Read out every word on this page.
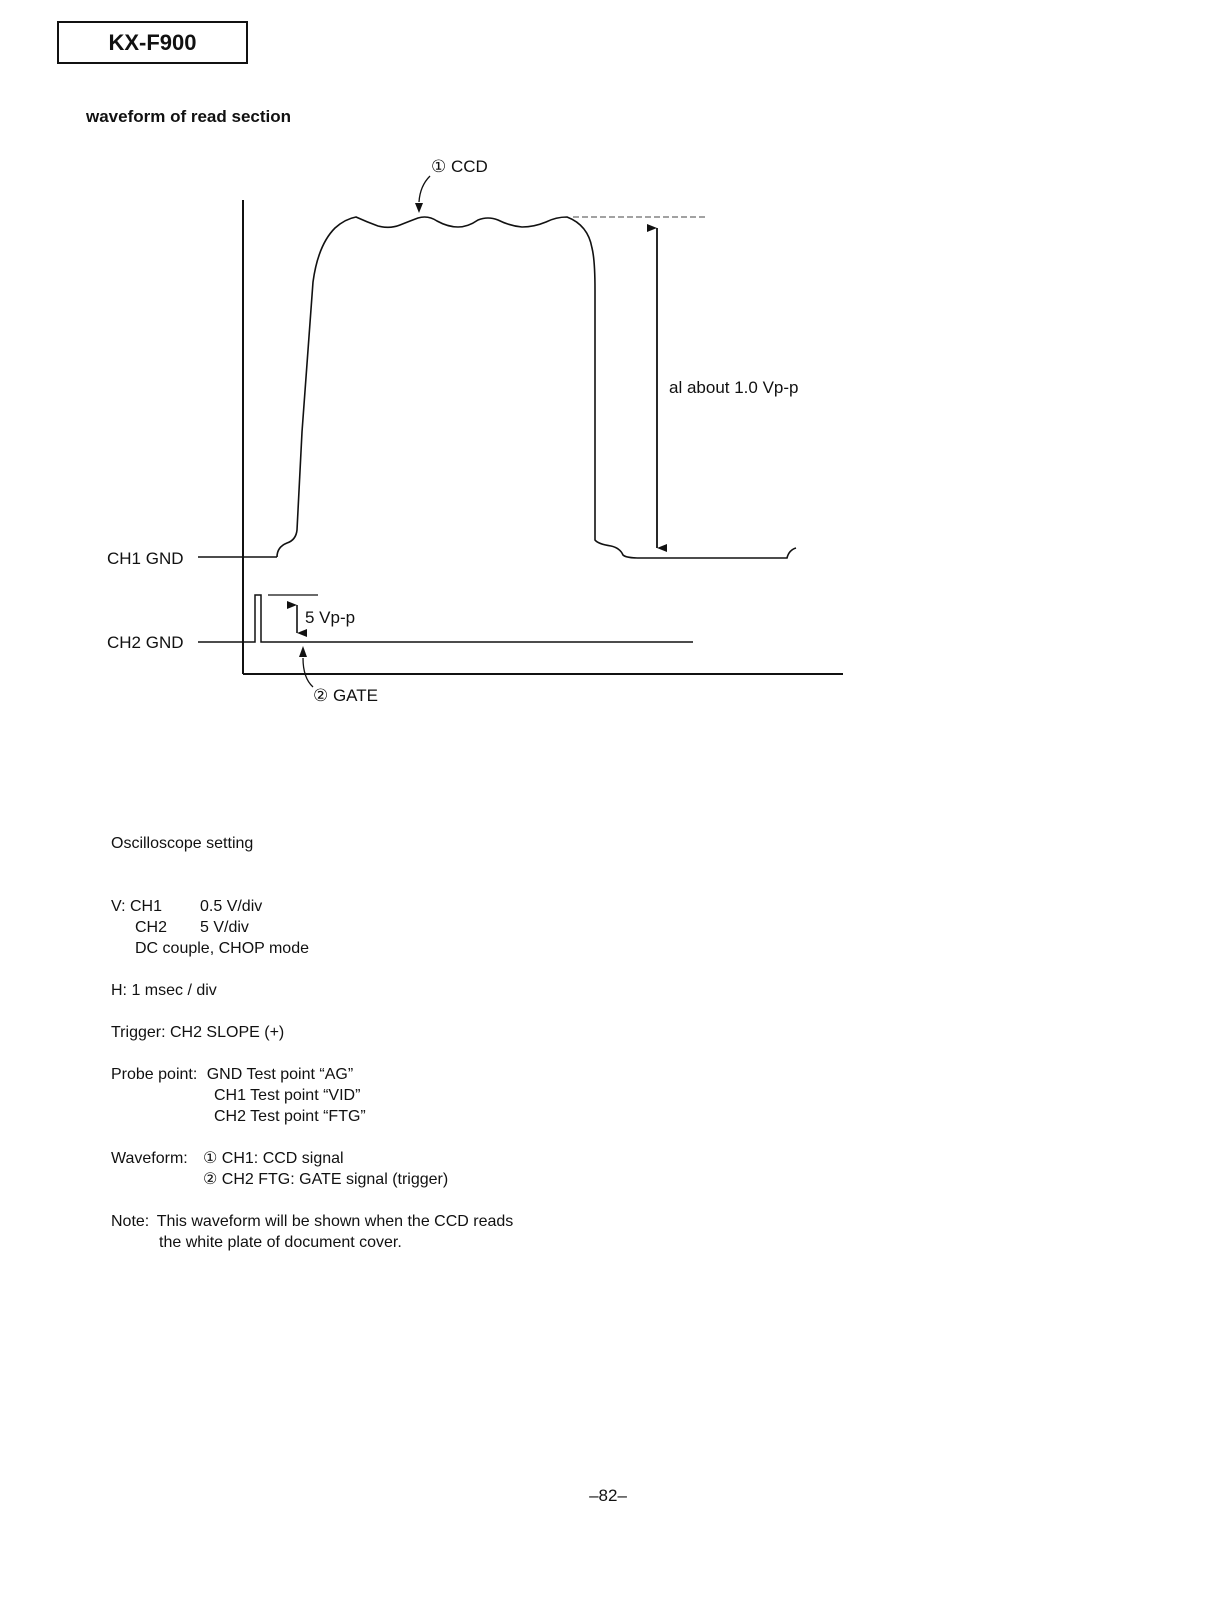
KX-F900
waveform of read section
al about 1.0 Vp-p
① CCD
CH1 GND
CH2 GND
5 Vp-p
② GATE
Oscilloscope setting
V: CH1 0.5 V/div
CH2 5 V/div
DC couple, CHOP mode
H: 1 msec / div
Trigger: CH2 SLOPE (+)
Probe point: GND Test point “AG”
CH1 Test point “VID”
CH2 Test point “FTG”
Waveform: ① CH1: CCD signal
② CH2 FTG: GATE signal (trigger)
Note: This waveform will be shown when the CCD reads
the white plate of document cover.
–82–
